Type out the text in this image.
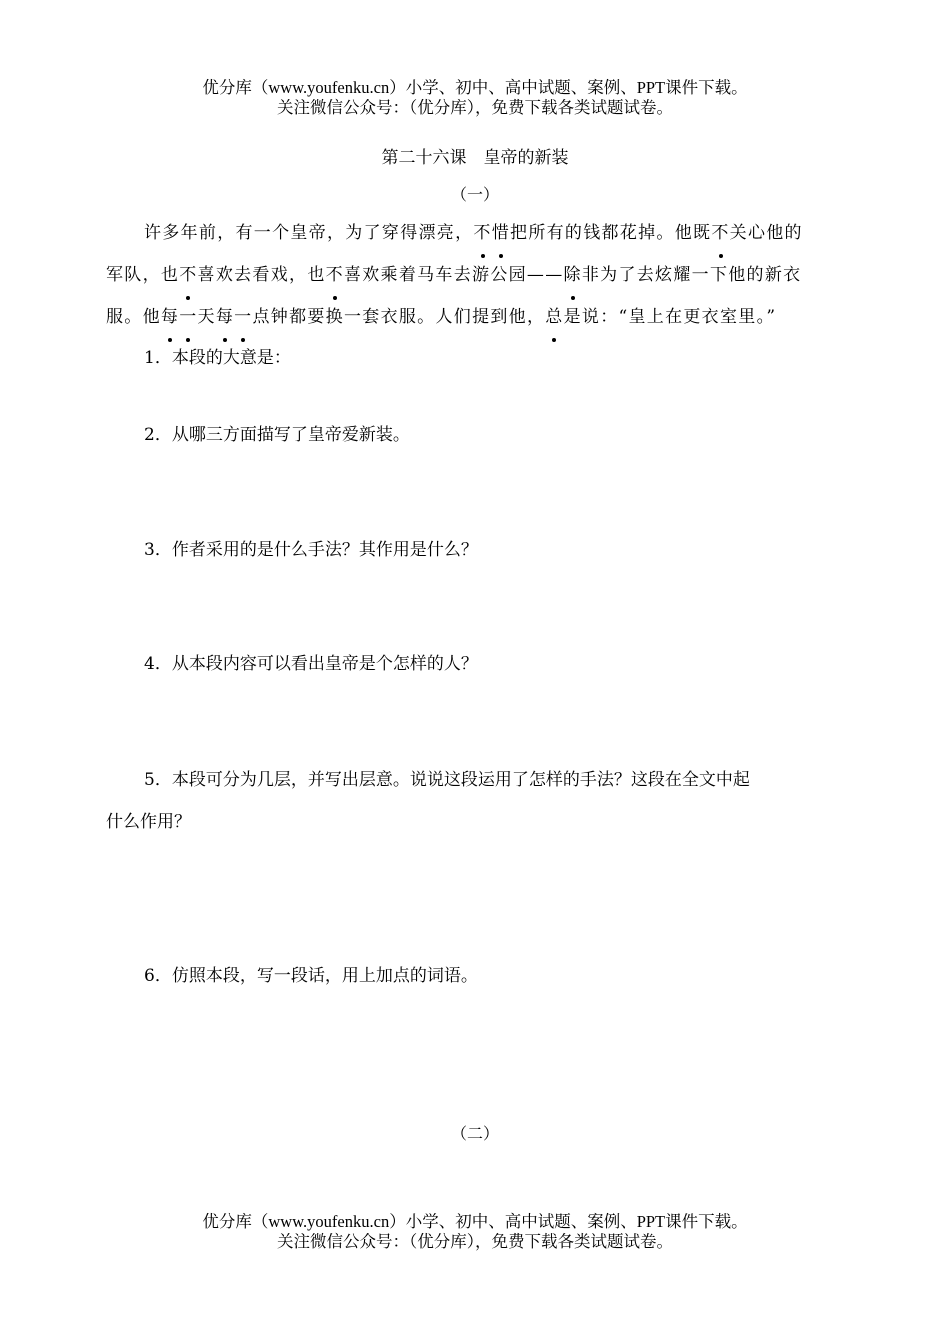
优分库（www.youfenku.cn）小学、初中、高中试题、案例、PPT课件下载。
关注微信公众号：（优分库），免费下载各类试题试卷。
第二十六课　皇帝的新装
（一）
许多年前，有一个皇帝，为了穿得漂亮，不惜把所有的钱都花掉。他既不关心他的
军队，也不喜欢去看戏，也不喜欢乘着马车去游公园——除非为了去炫耀一下他的新衣
服。他每一天每一点钟都要换一套衣服。人们提到他，总是说：“皇上在更衣室里。”
1．本段的大意是：
2．从哪三方面描写了皇帝爱新装。
3．作者采用的是什么手法？其作用是什么？
4．从本段内容可以看出皇帝是个怎样的人？
5．本段可分为几层，并写出层意。说说这段运用了怎样的手法？这段在全文中起
什么作用？
6．仿照本段，写一段话，用上加点的词语。
（二）
优分库（www.youfenku.cn）小学、初中、高中试题、案例、PPT课件下载。
关注微信公众号：（优分库），免费下载各类试题试卷。
